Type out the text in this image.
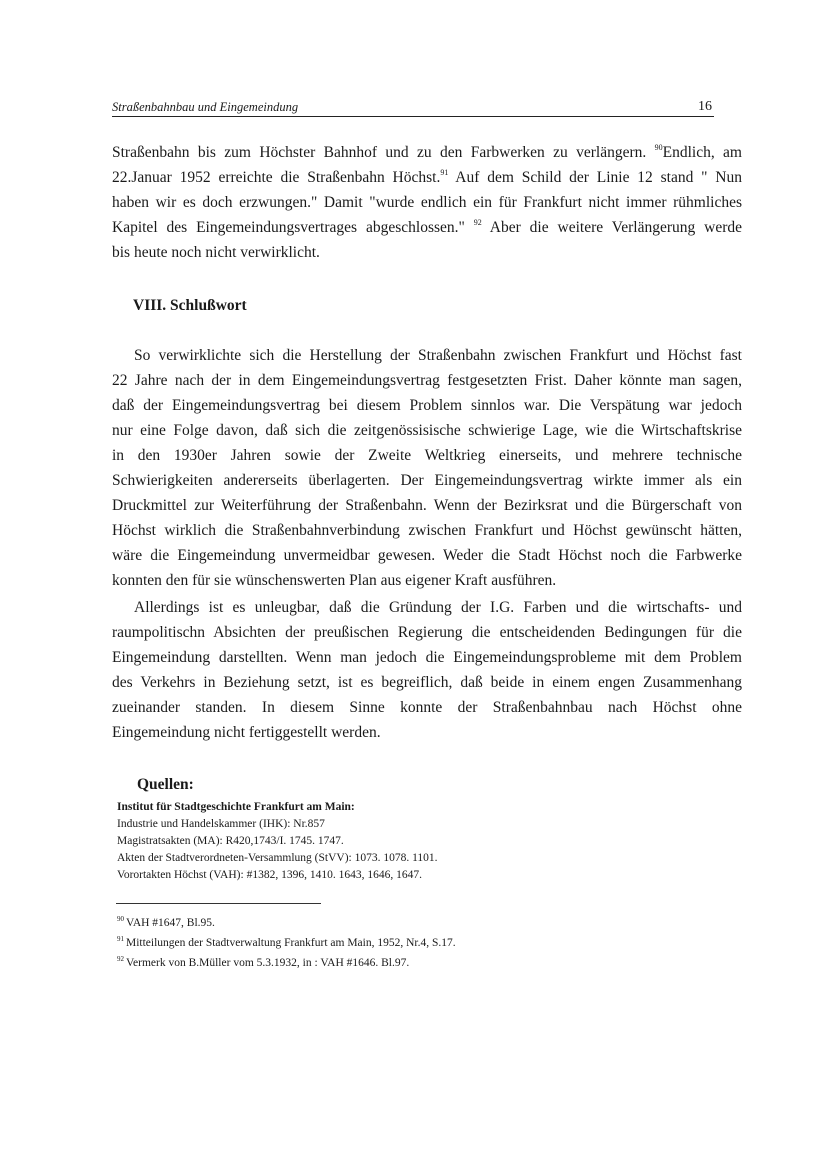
Straßenbahnbau und Eingemeindung	16
Straßenbahn bis zum Höchster Bahnhof und zu den Farbwerken zu verlängern. $^{90}$Endlich, am
22.Januar 1952 erreichte die Straßenbahn Höchst.$^{91}$ Auf dem Schild der Linie 12 stand " Nun
haben wir es doch erzwungen." Damit "wurde endlich ein für Frankfurt nicht immer rühmliches
Kapitel des Eingemeindungsvertrages abgeschlossen." $^{92}$ Aber die weitere Verlängerung werde
bis heute noch nicht verwirklicht.
VIII. Schlußwort
So verwirklichte sich die Herstellung der Straßenbahn zwischen Frankfurt und Höchst fast
22 Jahre nach der in dem Eingemeindungsvertrag festgesetzten Frist. Daher könnte man sagen,
daß der Eingemeindungsvertrag bei diesem Problem sinnlos war. Die Verspätung war jedoch
nur eine Folge davon, daß sich die zeitgenössisische schwierige Lage, wie die Wirtschaftskrise
in den 1930er Jahren sowie der Zweite Weltkrieg einerseits, und mehrere technische
Schwierigkeiten andererseits überlagerten. Der Eingemeindungsvertrag wirkte immer als ein
Druckmittel zur Weiterführung der Straßenbahn. Wenn der Bezirksrat und die Bürgerschaft von
Höchst wirklich die Straßenbahnverbindung zwischen Frankfurt und Höchst gewünscht hätten,
wäre die Eingemeindung unvermeidbar gewesen. Weder die Stadt Höchst noch die Farbwerke
konnten den für sie wünschenswerten Plan aus eigener Kraft ausführen.
Allerdings ist es unleugbar, daß die Gründung der I.G. Farben und die wirtschafts- und
raumpolitischn Absichten der preußischen Regierung die entscheidenden Bedingungen für die
Eingemeindung darstellten. Wenn man jedoch die Eingemeindungsprobleme mit dem Problem
des Verkehrs in Beziehung setzt, ist es begreiflich, daß beide in einem engen Zusammenhang
zueinander standen. In diesem Sinne konnte der Straßenbahnbau nach Höchst ohne
Eingemeindung nicht fertiggestellt werden.
Quellen:
Institut für Stadtgeschichte Frankfurt am Main:
Industrie und Handelskammer (IHK): Nr.857
Magistratsakten (MA): R420,1743/I. 1745. 1747.
Akten der Stadtverordneten-Versammlung (StVV): 1073. 1078. 1101.
Vorortakten Höchst (VAH): #1382, 1396, 1410. 1643, 1646, 1647.
$^{90}$ VAH #1647, Bl.95.
$^{91}$ Mitteilungen der Stadtverwaltung Frankfurt am Main, 1952, Nr.4, S.17.
$^{92}$ Vermerk von B.Müller vom 5.3.1932, in : VAH #1646. Bl.97.
